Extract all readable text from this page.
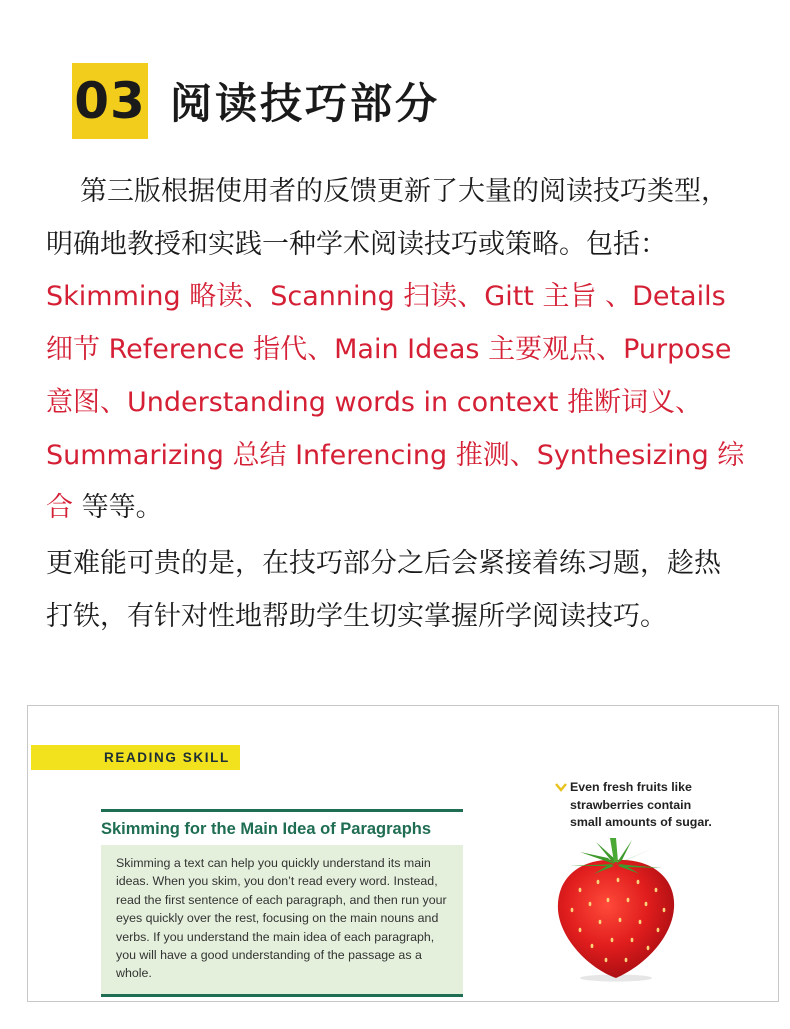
03 阅读技巧部分
第三版根据使用者的反馈更新了大量的阅读技巧类型，明确地教授和实践一种学术阅读技巧或策略。包括：Skimming 略读、Scanning 扫读、Gitt 主旨 、Details 细节 Reference 指代、Main Ideas 主要观点、Purpose 意图、Understanding words in context 推断词义、Summarizing 总结 Inferencing 推测、Synthesizing 综合 等等。
更难能可贵的是，在技巧部分之后会紧接着练习题，趁热打铁，有针对性地帮助学生切实掌握所学阅读技巧。
READING SKILL
Skimming for the Main Idea of Paragraphs
Skimming a text can help you quickly understand its main ideas. When you skim, you don’t read every word. Instead, read the first sentence of each paragraph, and then run your eyes quickly over the rest, focusing on the main nouns and verbs. If you understand the main idea of each paragraph, you will have a good understanding of the passage as a whole.
Even fresh fruits like
strawberries contain
small amounts of sugar.
